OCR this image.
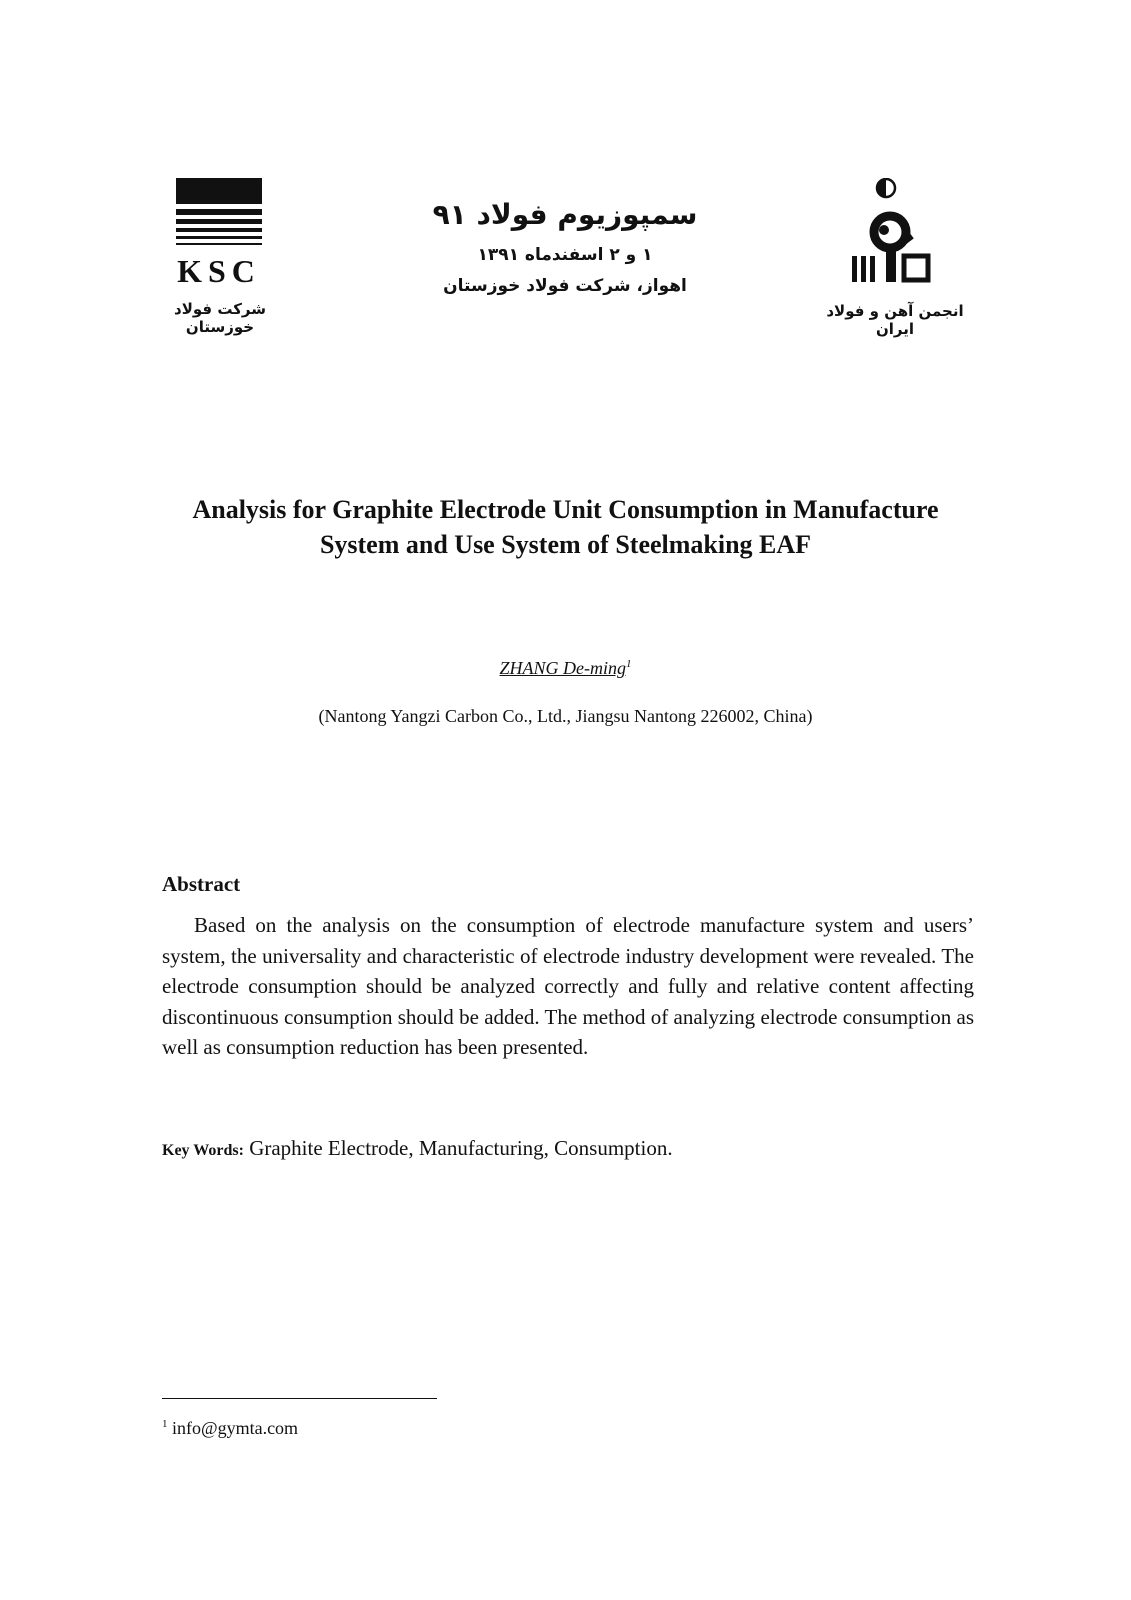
KSC
شرکت فولاد خوزستان
سمپوزیوم فولاد ۹۱
۱ و ۲ اسفندماه ۱۳۹۱
اهواز، شرکت فولاد خوزستان
انجمن آهن و فولاد ایران
Analysis for Graphite Electrode Unit Consumption in Manufacture
System and Use System of Steelmaking EAF
ZHANG De-ming$^1$
(Nantong Yangzi Carbon Co., Ltd., Jiangsu Nantong 226002, China)
Abstract
Based on the analysis on the consumption of electrode manufacture system and users’ system, the universality and characteristic of electrode industry development were revealed. The electrode consumption should be analyzed correctly and fully and relative content affecting discontinuous consumption should be added. The method of analyzing electrode consumption as well as consumption reduction has been presented.
Key Words: Graphite Electrode, Manufacturing, Consumption.
$^1$ info@gymta.com
